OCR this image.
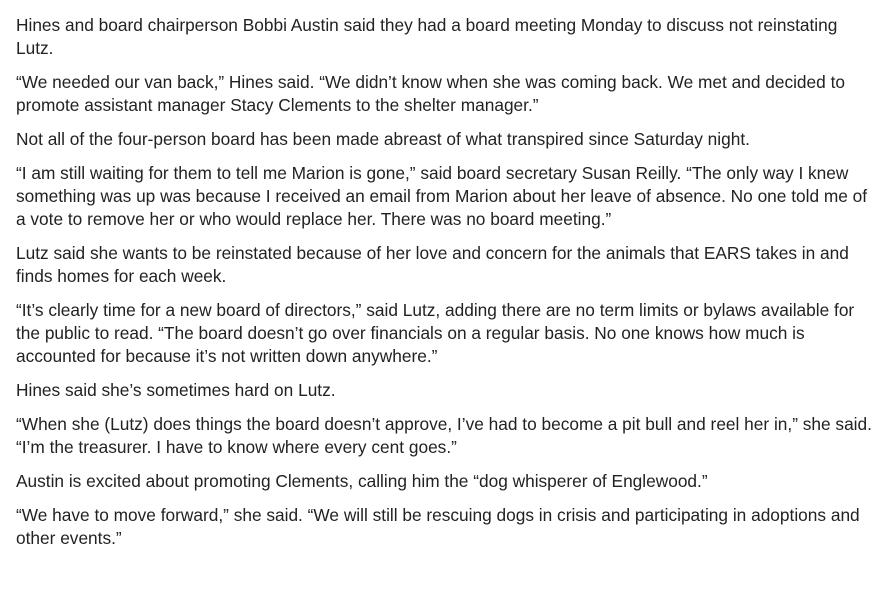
Hines and board chairperson Bobbi Austin said they had a board meeting Monday to discuss not reinstating Lutz.

“We needed our van back,” Hines said. “We didn’t know when she was coming back. We met and decided to promote assistant manager Stacy Clements to the shelter manager.”

Not all of the four-person board has been made abreast of what transpired since Saturday night.

“I am still waiting for them to tell me Marion is gone,” said board secretary Susan Reilly. “The only way I knew something was up was because I received an email from Marion about her leave of absence. No one told me of a vote to remove her or who would replace her. There was no board meeting.”

Lutz said she wants to be reinstated because of her love and concern for the animals that EARS takes in and finds homes for each week.

“It’s clearly time for a new board of directors,” said Lutz, adding there are no term limits or bylaws available for the public to read. “The board doesn’t go over financials on a regular basis. No one knows how much is accounted for because it’s not written down anywhere.”

Hines said she’s sometimes hard on Lutz.

“When she (Lutz) does things the board doesn’t approve, I’ve had to become a pit bull and reel her in,” she said. “I’m the treasurer. I have to know where every cent goes.”

Austin is excited about promoting Clements, calling him the “dog whisperer of Englewood.”

“We have to move forward,” she said. “We will still be rescuing dogs in crisis and participating in adoptions and other events.”
